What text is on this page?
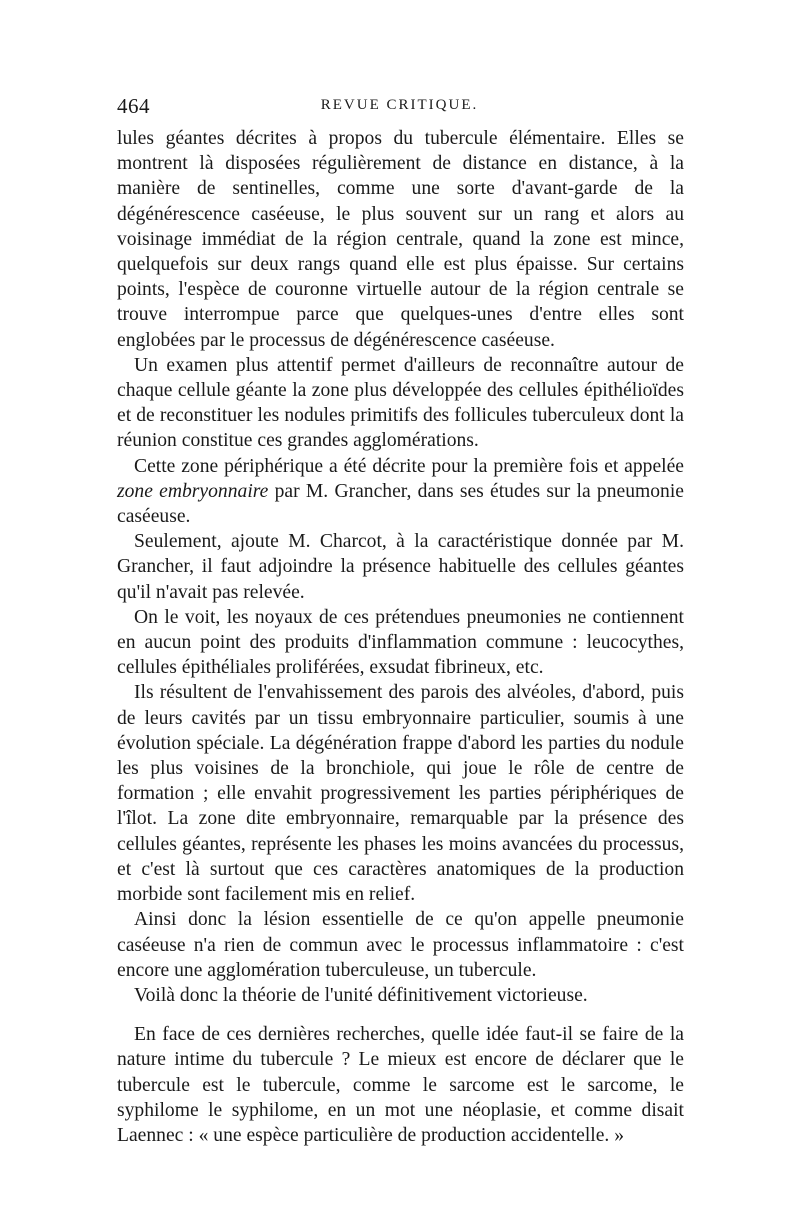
464	REVUE CRITIQUE.

lules géantes décrites à propos du tubercule élémentaire. Elles se montrent là disposées régulièrement de distance en distance, à la manière de sentinelles, comme une sorte d'avant-garde de la dégénérescence caséeuse, le plus souvent sur un rang et alors au voisinage immédiat de la région centrale, quand la zone est mince, quelquefois sur deux rangs quand elle est plus épaisse. Sur certains points, l'espèce de couronne virtuelle autour de la région centrale se trouve interrompue parce que quelques-unes d'entre elles sont englobées par le processus de dégénérescence caséeuse.

Un examen plus attentif permet d'ailleurs de reconnaître autour de chaque cellule géante la zone plus développée des cellules épithélioïdes et de reconstituer les nodules primitifs des follicules tuberculeux dont la réunion constitue ces grandes agglomérations.

Cette zone périphérique a été décrite pour la première fois et appelée zone embryonnaire par M. Grancher, dans ses études sur la pneumonie caséeuse.

Seulement, ajoute M. Charcot, à la caractéristique donnée par M. Grancher, il faut adjoindre la présence habituelle des cellules géantes qu'il n'avait pas relevée.

On le voit, les noyaux de ces prétendues pneumonies ne contiennent en aucun point des produits d'inflammation commune : leucocythes, cellules épithéliales proliférées, exsudat fibrineux, etc.

Ils résultent de l'envahissement des parois des alvéoles, d'abord, puis de leurs cavités par un tissu embryonnaire particulier, soumis à une évolution spéciale. La dégénération frappe d'abord les parties du nodule les plus voisines de la bronchiole, qui joue le rôle de centre de formation ; elle envahit progressivement les parties périphériques de l'îlot. La zone dite embryonnaire, remarquable par la présence des cellules géantes, représente les phases les moins avancées du processus, et c'est là surtout que ces caractères anatomiques de la production morbide sont facilement mis en relief.

Ainsi donc la lésion essentielle de ce qu'on appelle pneumonie caséeuse n'a rien de commun avec le processus inflammatoire : c'est encore une agglomération tuberculeuse, un tubercule.

Voilà donc la théorie de l'unité définitivement victorieuse.

En face de ces dernières recherches, quelle idée faut-il se faire de la nature intime du tubercule ? Le mieux est encore de déclarer que le tubercule est le tubercule, comme le sarcome est le sarcome, le syphilome le syphilome, en un mot une néoplasie, et comme disait Laennec : « une espèce particulière de production accidentelle. »
